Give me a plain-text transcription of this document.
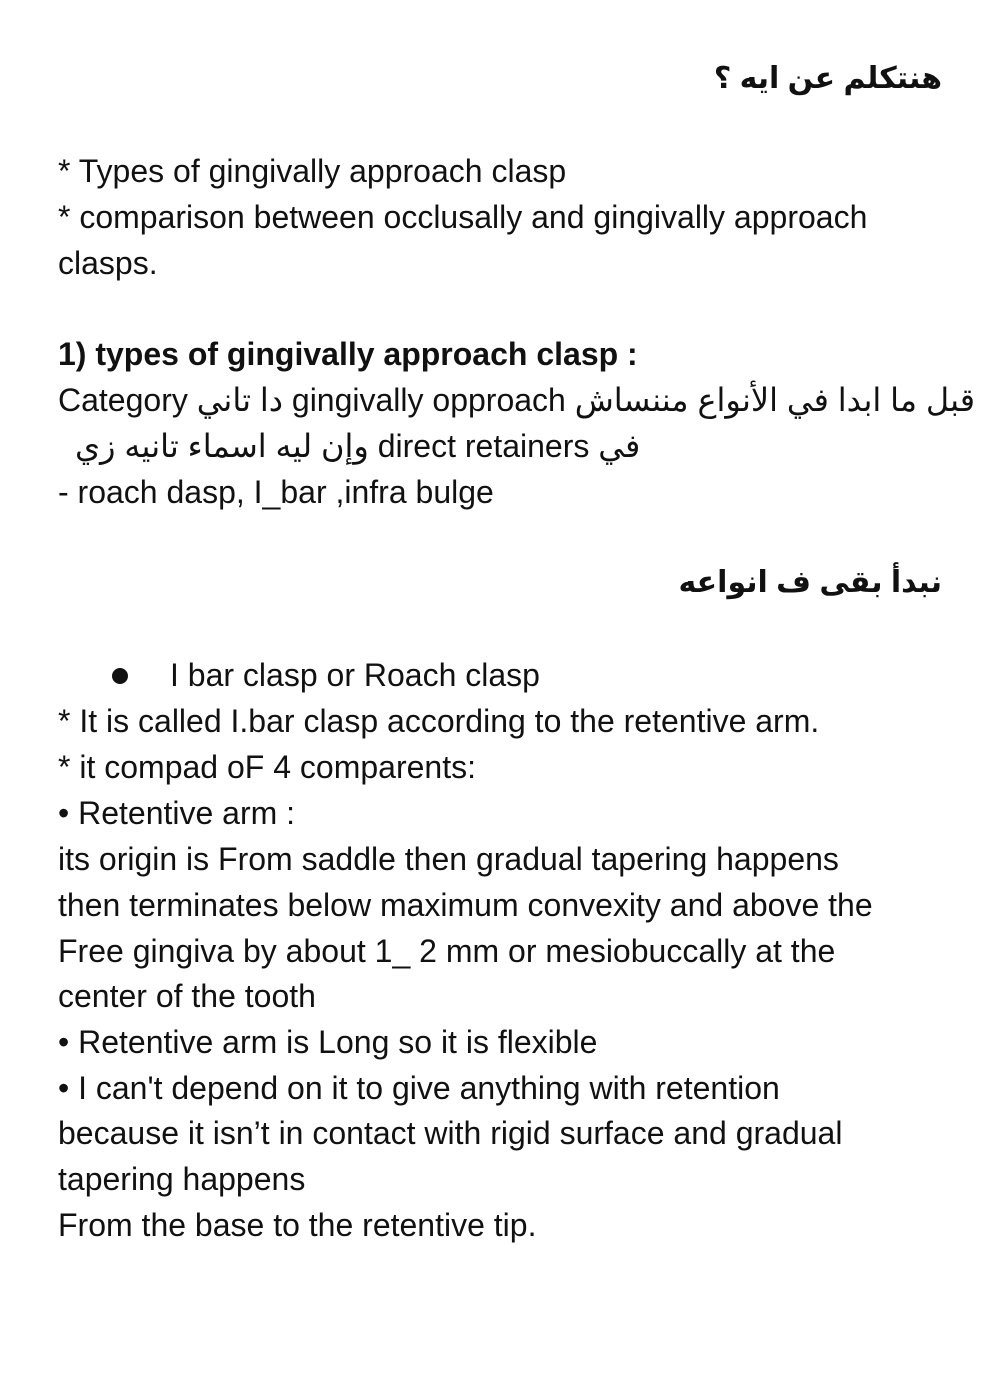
هنتكلم عن ايه ؟
* Types of gingivally approach clasp
* comparison between occlusally and gingivally approach
clasps.
1) types of gingivally approach clasp :
Category دا تاني gingivally opproach قبل ما ابدا في الأنواع مننساش
وإن ليه اسماء تانيه زي direct retainers في
- roach dasp, I_bar ,infra bulge
نبدأ بقى ف انواعه
I bar clasp or Roach clasp
* It is called I.bar clasp according to the retentive arm.
* it compad oF 4 comparents:
• Retentive arm :
its origin is From saddle then gradual tapering happens
then terminates below maximum convexity and above the
Free gingiva by about 1_ 2 mm or mesiobuccally at the
center of the tooth
• Retentive arm is Long so it is flexible
• I can't depend on it to give anything with retention
because it isn’t in contact with rigid surface and gradual
tapering happens
From the base to the retentive tip.
